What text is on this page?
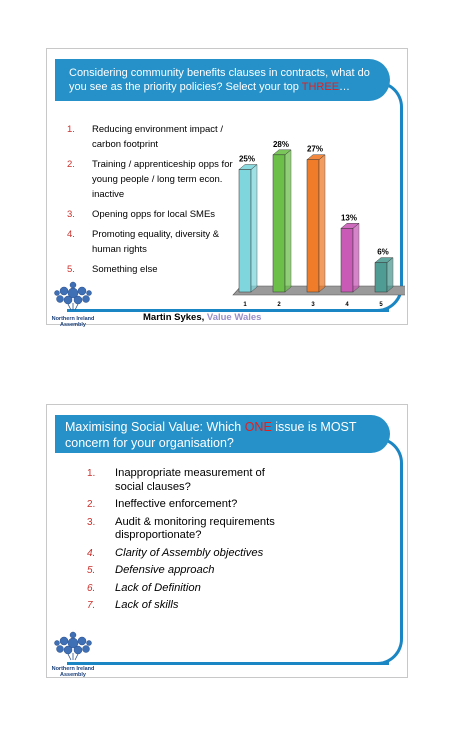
Considering community benefits clauses in contracts, what do you see as the priority policies? Select your top THREE…
1.	Reducing environment impact / carbon footprint
2.	Training / apprenticeship opps for young people / long term econ. inactive
3.	Opening opps for local SMEs
4.	Promoting equality, diversity & human rights
5.	Something else
25%
1
28%
2
27%
3
13%
4
6%
5
Northern Ireland
Assembly
Martin Sykes, Value Wales
Maximising Social Value: Which ONE issue is MOST concern for your organisation?
1.	Inappropriate measurement of social clauses?
2.	Ineffective enforcement?
3.	Audit & monitoring requirements disproportionate?
4.	Clarity of Assembly objectives
5.	Defensive approach
6.	Lack of Definition
7.	Lack of skills
Northern Ireland
Assembly
